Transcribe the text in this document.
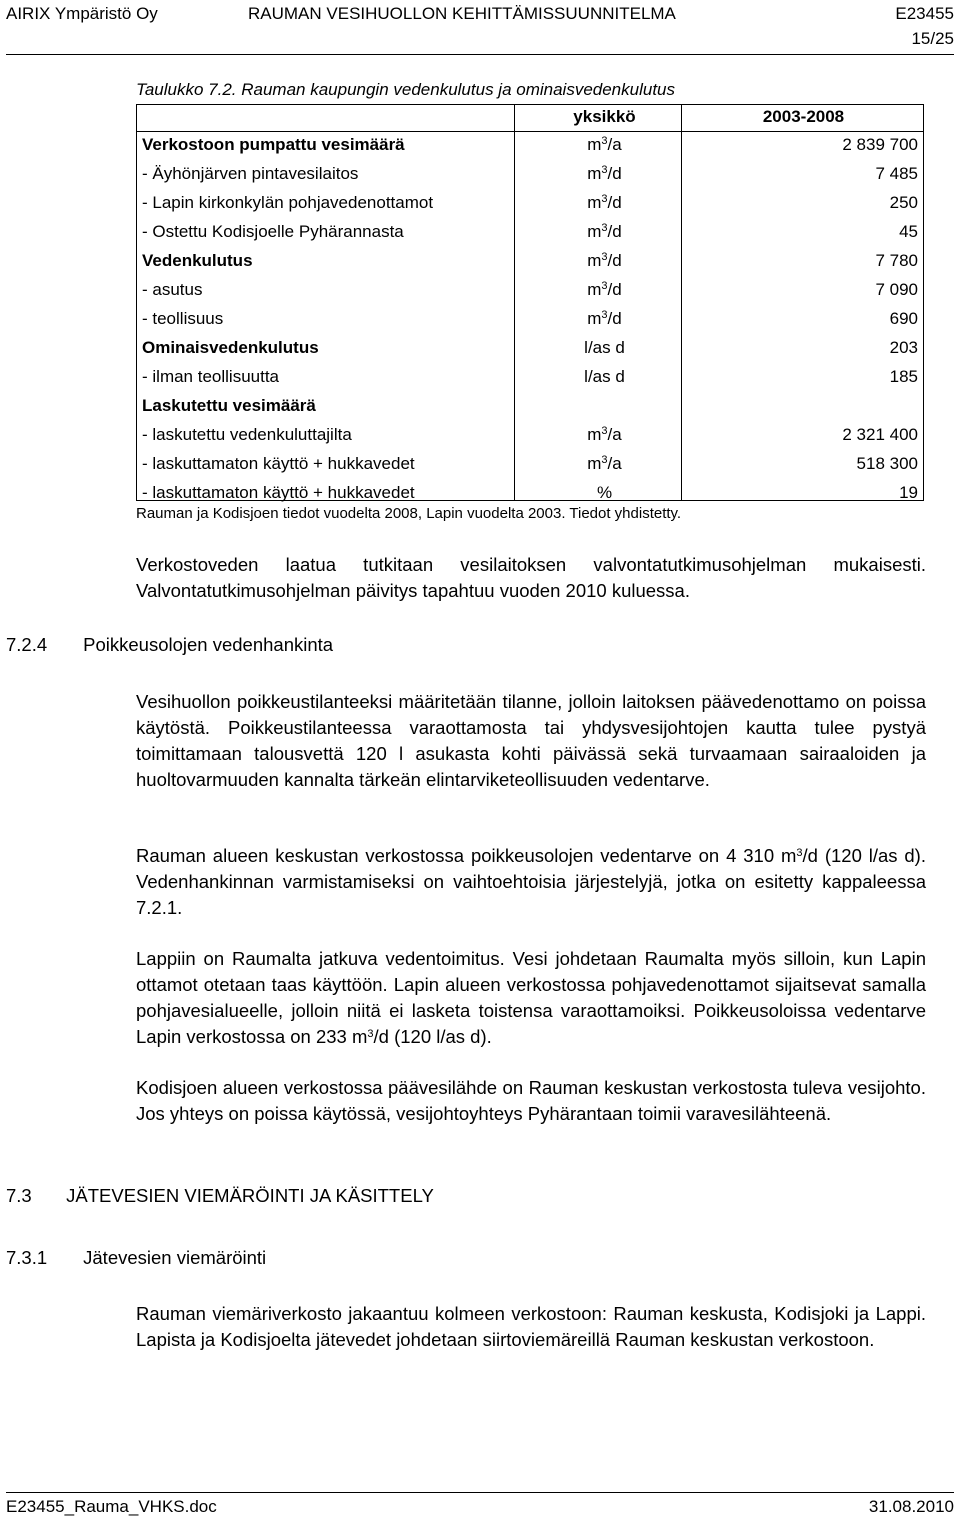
AIRIX Ympäristö Oy	RAUMAN VESIHUOLLON KEHITTÄMISSUUNNITELMA	E23455
15/25
Taulukko 7.2. Rauman kaupungin vedenkulutus ja ominaisvedenkulutus
	yksikkö	2003-2008
Verkostoon pumpattu vesimäärä	$m^3/a$	2 839 700
- Äyhönjärven pintavesilaitos	$m^3/d$	7 485
- Lapin kirkonkylän pohjavedenottamot	$m^3/d$	250
- Ostettu Kodisjoelle Pyhärannasta	$m^3/d$	45
Vedenkulutus	$m^3/d$	7 780
- asutus	$m^3/d$	7 090
- teollisuus	$m^3/d$	690
Ominaisvedenkulutus	l/as d	203
- ilman teollisuutta	l/as d	185
Laskutettu vesimäärä		
- laskutettu vedenkuluttajilta	$m^3/a$	2 321 400
- laskuttamaton käyttö + hukkavedet	$m^3/a$	518 300
- laskuttamaton käyttö + hukkavedet	%	19
Rauman ja Kodisjoen tiedot vuodelta 2008, Lapin vuodelta 2003. Tiedot yhdistetty.
Verkostoveden laatua tutkitaan vesilaitoksen valvontatutkimusohjelman mukaisesti. Valvontatutkimusohjelman päivitys tapahtuu vuoden 2010 kuluessa.
7.2.4 Poikkeusolojen vedenhankinta
Vesihuollon poikkeustilanteeksi määritetään tilanne, jolloin laitoksen päävedenottamo on poissa käytöstä. Poikkeustilanteessa varaottamosta tai yhdysvesijohtojen kautta tulee pystyä toimittamaan talousvettä 120 l asukasta kohti päivässä sekä turvaamaan sairaaloiden ja huoltovarmuuden kannalta tärkeän elintarviketeollisuuden vedentarve.
Rauman alueen keskustan verkostossa poikkeusolojen vedentarve on 4 310 $m^3/d$ (120 l/as d). Vedenhankinnan varmistamiseksi on vaihtoehtoisia järjestelyjä, jotka on esitetty kappaleessa 7.2.1.
Lappiin on Raumalta jatkuva vedentoimitus. Vesi johdetaan Raumalta myös silloin, kun Lapin ottamot otetaan taas käyttöön. Lapin alueen verkostossa pohjavedenottamot sijaitsevat samalla pohjavesialueelle, jolloin niitä ei lasketa toistensa varaottamoiksi. Poikkeusoloissa vedentarve Lapin verkostossa on 233 $m^3/d$ (120 l/as d).
Kodisjoen alueen verkostossa päävesilähde on Rauman keskustan verkostosta tuleva vesijohto. Jos yhteys on poissa käytössä, vesijohtoyhteys Pyhärantaan toimii varavesilähteenä.
7.3 JÄTEVESIEN VIEMÄRÖINTI JA KÄSITTELY
7.3.1 Jätevesien viemäröinti
Rauman viemäriverkosto jakaantuu kolmeen verkostoon: Rauman keskusta, Kodisjoki ja Lappi. Lapista ja Kodisjoelta jätevedet johdetaan siirtoviemäreillä Rauman keskustan verkostoon.
E23455_Rauma_VHKS.doc	31.08.2010
